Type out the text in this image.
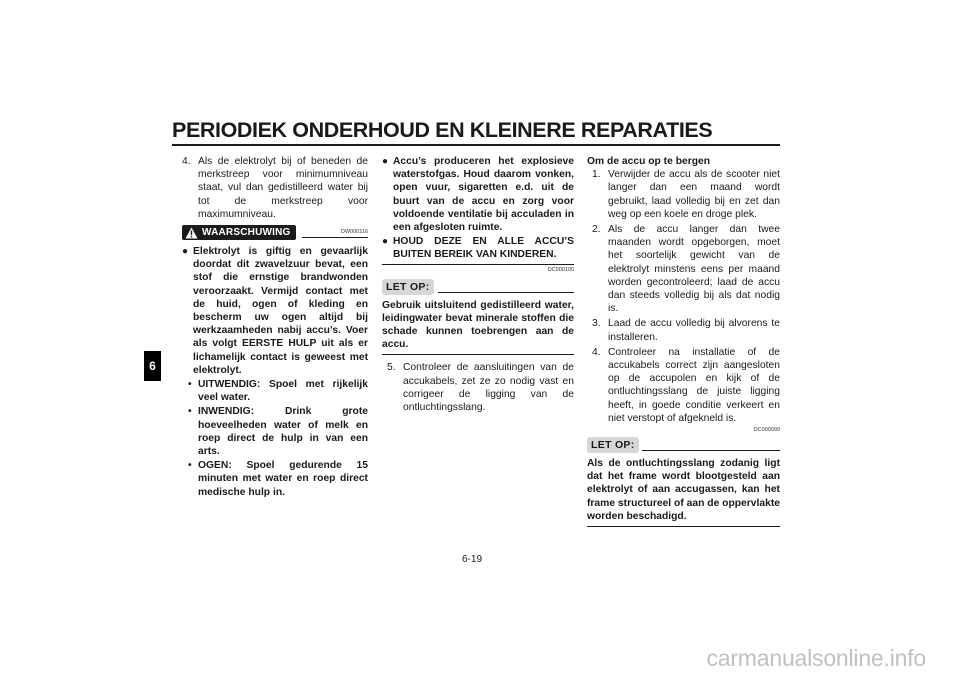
PERIODIEK ONDERHOUD EN KLEINERE REPARATIES
6
4. Als de elektrolyt bij of beneden de merkstreep voor minimumniveau staat, vul dan gedistilleerd water bij tot de merkstreep voor maximumniveau.
WAARSCHUWING	DW000116
● Elektrolyt is giftig en gevaarlijk doordat dit zwavelzuur bevat, een stof die ernstige brandwonden veroorzaakt. Vermijd contact met de huid, ogen of kleding en bescherm uw ogen altijd bij werkzaamheden nabij accu’s. Voer als volgt EERSTE HULP uit als er lichamelijk contact is geweest met elektrolyt.
• UITWENDIG: Spoel met rijkelijk veel water.
• INWENDIG: Drink grote hoeveelheden water of melk en roep direct de hulp in van een arts.
• OGEN: Spoel gedurende 15 minuten met water en roep direct medische hulp in.
● Accu’s produceren het explosieve waterstofgas. Houd daarom vonken, open vuur, sigaretten e.d. uit de buurt van de accu en zorg voor voldoende ventilatie bij acculaden in een afgesloten ruimte.
● HOUD DEZE EN ALLE ACCU’S BUITEN BEREIK VAN KINDEREN.
DC000100
LET OP:
Gebruik uitsluitend gedistilleerd water, leidingwater bevat minerale stoffen die schade kunnen toebrengen aan de accu.
5. Controleer de aansluitingen van de accukabels, zet ze zo nodig vast en corrigeer de ligging van de ontluchtingsslang.
Om de accu op te bergen
1. Verwijder de accu als de scooter niet langer dan een maand wordt gebruikt, laad volledig bij en zet dan weg op een koele en droge plek.
2. Als de accu langer dan twee maanden wordt opgeborgen, moet het soortelijk gewicht van de elektrolyt minstens eens per maand worden gecontroleerd; laad de accu dan steeds volledig bij als dat nodig is.
3. Laad de accu volledig bij alvorens te installeren.
4. Controleer na installatie of de accukabels correct zijn aangesloten op de accupolen en kijk of de ontluchtingsslang de juiste ligging heeft, in goede conditie verkeert en niet verstopt of afgekneld is.
DC000099
LET OP:
Als de ontluchtingsslang zodanig ligt dat het frame wordt blootgesteld aan elektrolyt of aan accugassen, kan het frame structureel of aan de oppervlakte worden beschadigd.
6-19
carmanualsonline.info
